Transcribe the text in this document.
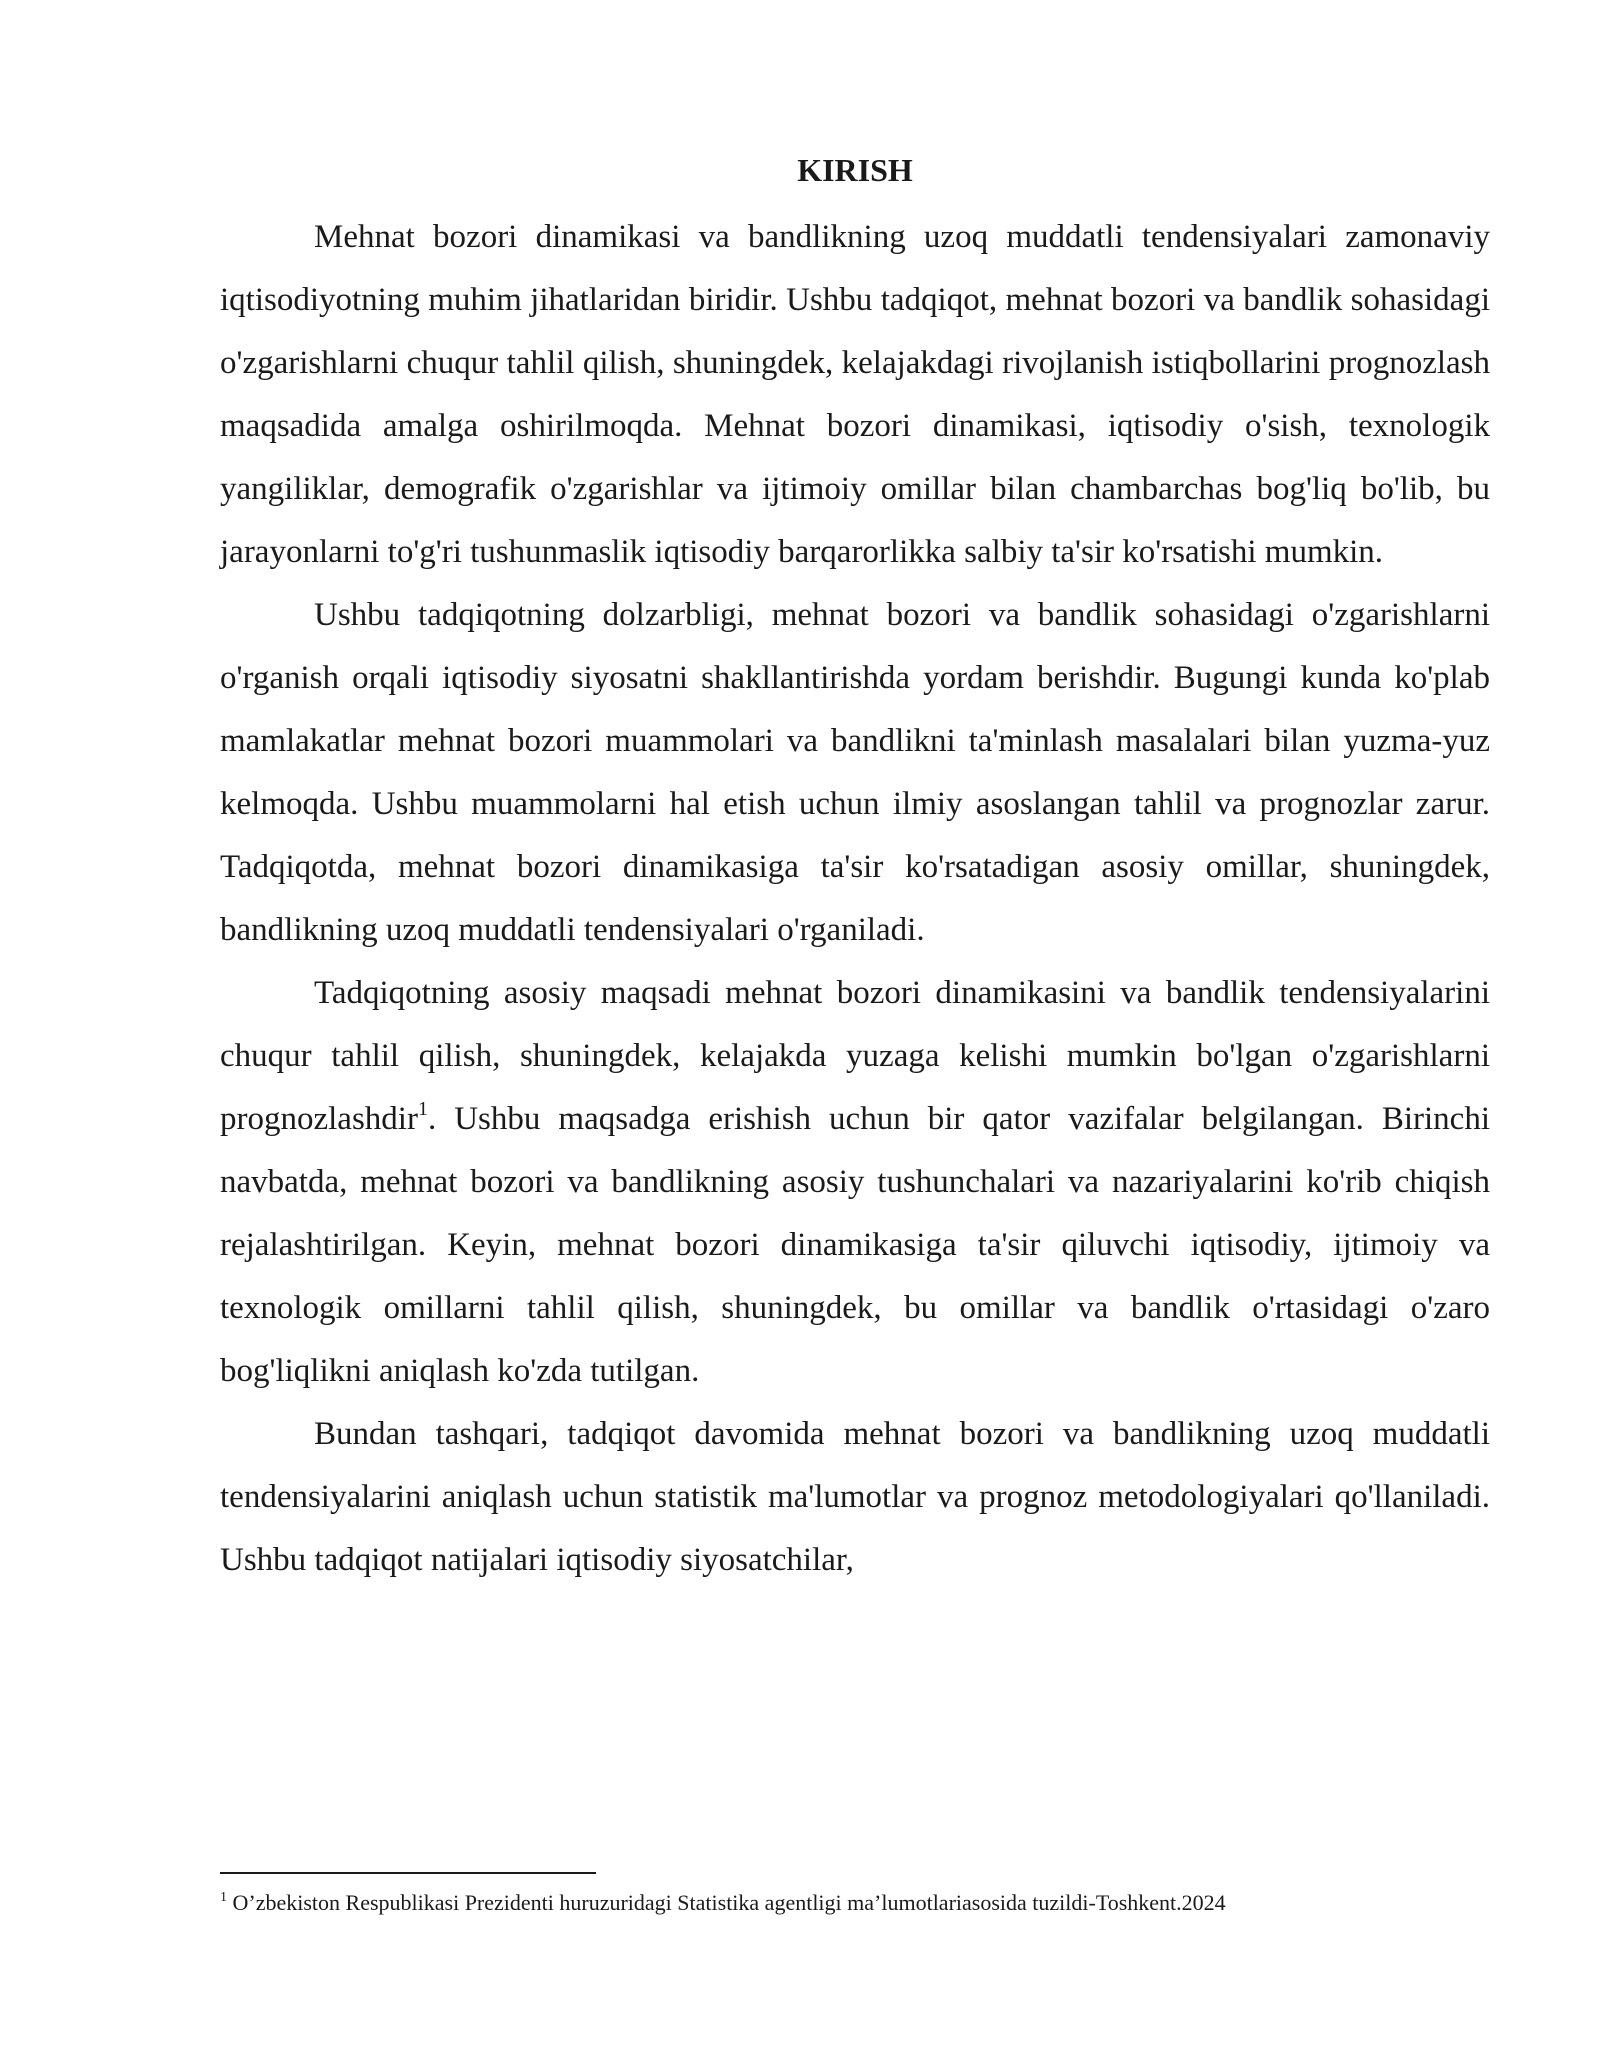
KIRISH

Mehnat bozori dinamikasi va bandlikning uzoq muddatli tendensiyalari zamonaviy iqtisodiyotning muhim jihatlaridan biridir. Ushbu tadqiqot, mehnat bozori va bandlik sohasidagi o'zgarishlarni chuqur tahlil qilish, shuningdek, kelajakdagi rivojlanish istiqbollarini prognozlash maqsadida amalga oshirilmoqda. Mehnat bozori dinamikasi, iqtisodiy o'sish, texnologik yangiliklar, demografik o'zgarishlar va ijtimoiy omillar bilan chambarchas bog'liq bo'lib, bu jarayonlarni to'g'ri tushunmaslik iqtisodiy barqarorlikka salbiy ta'sir ko'rsatishi mumkin.

Ushbu tadqiqotning dolzarbligi, mehnat bozori va bandlik sohasidagi o'zgarishlarni o'rganish orqali iqtisodiy siyosatni shakllantirishda yordam berishdir. Bugungi kunda ko'plab mamlakatlar mehnat bozori muammolari va bandlikni ta'minlash masalalari bilan yuzma-yuz kelmoqda. Ushbu muammolarni hal etish uchun ilmiy asoslangan tahlil va prognozlar zarur. Tadqiqotda, mehnat bozori dinamikasiga ta'sir ko'rsatadigan asosiy omillar, shuningdek, bandlikning uzoq muddatli tendensiyalari o'rganiladi.

Tadqiqotning asosiy maqsadi mehnat bozori dinamikasini va bandlik tendensiyalarini chuqur tahlil qilish, shuningdek, kelajakda yuzaga kelishi mumkin bo'lgan o'zgarishlarni prognozlashdir$^1$. Ushbu maqsadga erishish uchun bir qator vazifalar belgilangan. Birinchi navbatda, mehnat bozori va bandlikning asosiy tushunchalari va nazariyalarini ko'rib chiqish rejalashtirilgan. Keyin, mehnat bozori dinamikasiga ta'sir qiluvchi iqtisodiy, ijtimoiy va texnologik omillarni tahlil qilish, shuningdek, bu omillar va bandlik o'rtasidagi o'zaro bog'liqlikni aniqlash ko'zda tutilgan.

Bundan tashqari, tadqiqot davomida mehnat bozori va bandlikning uzoq muddatli tendensiyalarini aniqlash uchun statistik ma'lumotlar va prognoz metodologiyalari qo'llaniladi. Ushbu tadqiqot natijalari iqtisodiy siyosatchilar,

$^1$ O’zbekiston Respublikasi Prezidenti huruzuridagi Statistika agentligi ma’lumotlariasosida tuzildi-Toshkent.2024
